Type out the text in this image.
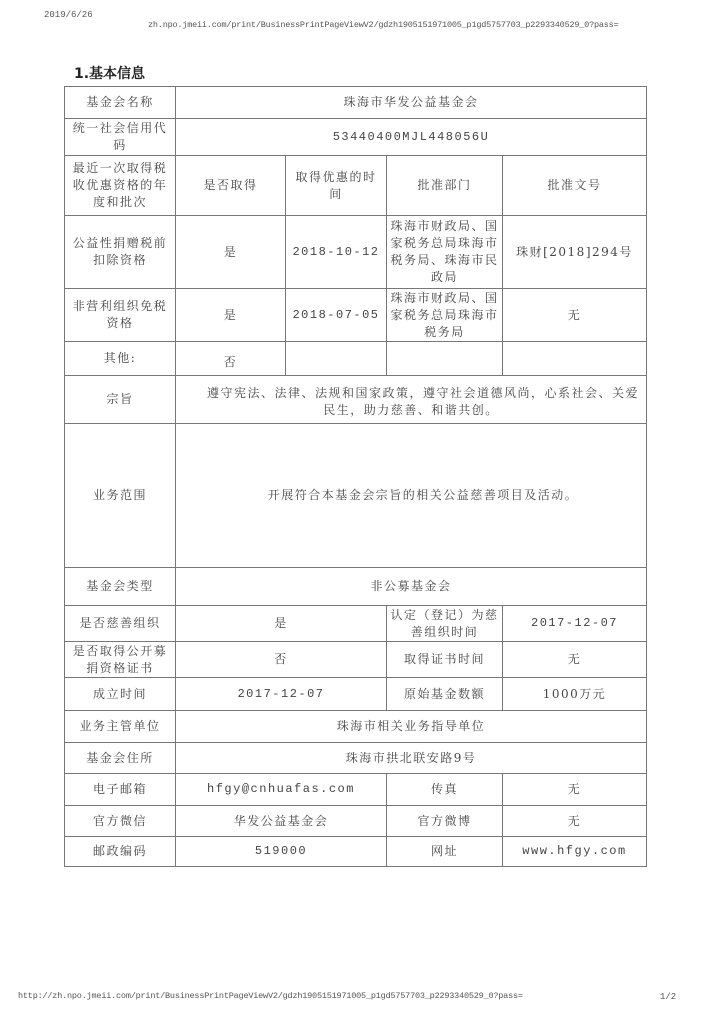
2019/6/26
zh.npo.jmeii.com/print/BusinessPrintPageViewV2/gdzh1905151971005_p1gd5757703_p2293340529_0?pass=
1.基本信息
基金会名称	珠海市华发公益基金会			
统一社会信用代码	53440400MJL448056U			
最近一次取得税收优惠资格的年度和批次	是否取得	取得优惠的时间	批准部门	批准文号
公益性捐赠税前扣除资格	是	2018-10-12	珠海市财政局、国家税务总局珠海市税务局、珠海市民政局	珠财[2018]294号
非营利组织免税资格	是	2018-07-05	珠海市财政局、国家税务总局珠海市税务局	无
其他:	否			
宗旨	遵守宪法、法律、法规和国家政策，遵守社会道德风尚，心系社会、关爱民生，助力慈善、和谐共创。			
业务范围	开展符合本基金会宗旨的相关公益慈善项目及活动。			
基金会类型	非公募基金会			
是否慈善组织	是		认定（登记）为慈善组织时间	2017-12-07
是否取得公开募捐资格证书	否		取得证书时间	无
成立时间	2017-12-07		原始基金数额	1000万元
业务主管单位	珠海市相关业务指导单位			
基金会住所	珠海市拱北联安路9号			
电子邮箱	hfgy@cnhuafas.com		传真	无
官方微信	华发公益基金会		官方微博	无
邮政编码	519000		网址	www.hfgy.com
http://zh.npo.jmeii.com/print/BusinessPrintPageViewV2/gdzh1905151971005_p1gd5757703_p2293340529_0?pass=	1/2
